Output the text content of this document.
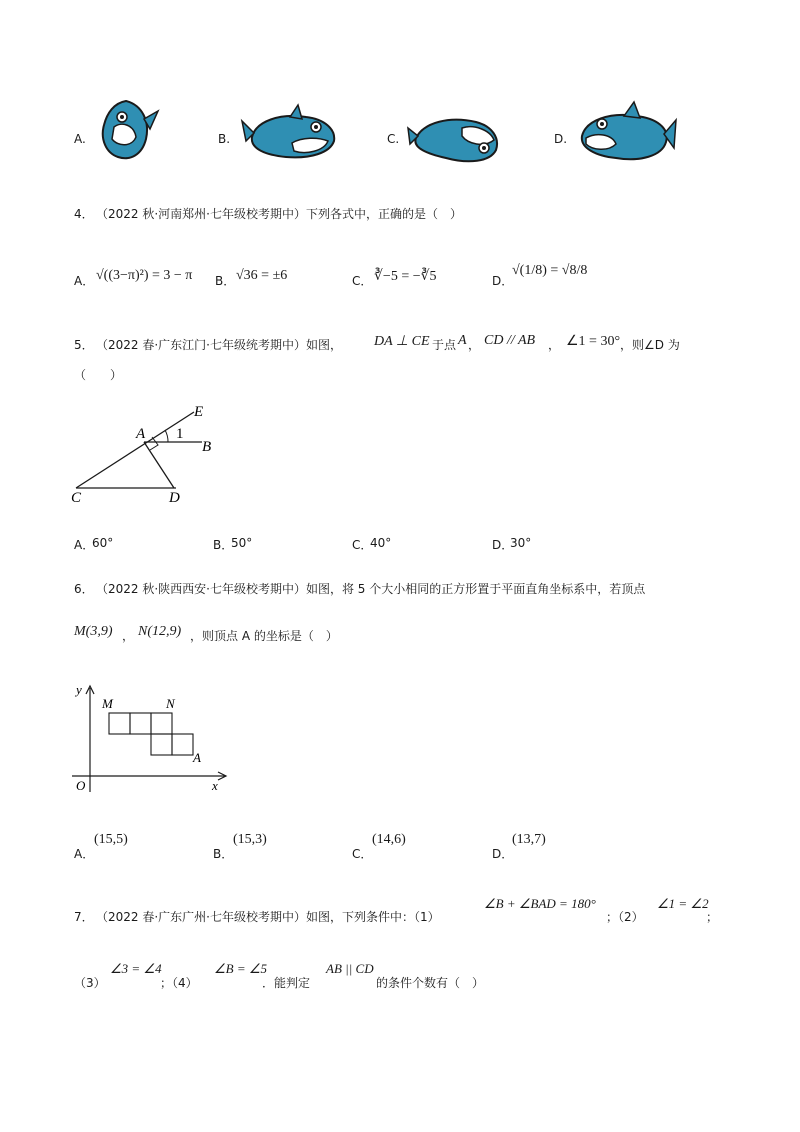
A.	B.	C.	D.
4． （2022 秋·河南郑州·七年级校考期中）下列各式中，正确的是（　）
A． √((3−π)²) = 3 − π B． √36 = ±6	C． ∛−5 = −∛5	D．
√(1/8) = √8/8
5． （2022 春·广东江门·七年级统考期中）如图， DA ⊥ CE 于点 A ， CD // AB ， ∠1 = 30° ，则∠D 为
（　　）
E
A 1
B
C	D
A．
60°	B．
50°	C．
40°	D．
30°
6． （2022 秋·陕西西安·七年级校考期中）如图，将 5 个大小相同的正方形置于平面直角坐标系中，若顶点
M(3,9) ， N(12,9) ，则顶点 A 的坐标是（　）
y
M	N
A
O	x
A．
(15,5)
B．
(15,3)
C．
(14,6)
D．
(13,7)
7． （2022 春·广东广州·七年级校考期中）如图，下列条件中：（1）
∠B + ∠BAD = 180°
；（2）
∠1 = ∠2
；
（3）
∠3 = ∠4
；（4）
∠B = ∠5
．能判定
AB || CD
的条件个数有（　）
